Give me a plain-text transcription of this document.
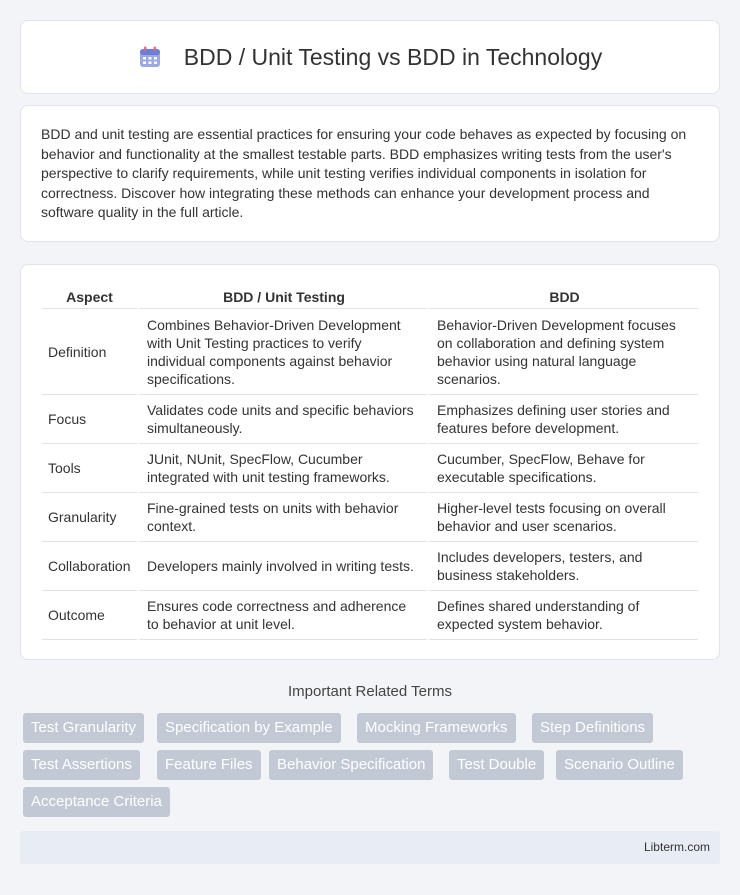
BDD / Unit Testing vs BDD in Technology

BDD and unit testing are essential practices for ensuring your code behaves as expected by focusing on behavior and functionality at the smallest testable parts. BDD emphasizes writing tests from the user's perspective to clarify requirements, while unit testing verifies individual components in isolation for correctness. Discover how integrating these methods can enhance your development process and software quality in the full article.

Aspect	BDD / Unit Testing	BDD
Definition	Combines Behavior-Driven Development with Unit Testing practices to verify individual components against behavior specifications.	Behavior-Driven Development focuses on collaboration and defining system behavior using natural language scenarios.
Focus	Validates code units and specific behaviors simultaneously.	Emphasizes defining user stories and features before development.
Tools	JUnit, NUnit, SpecFlow, Cucumber integrated with unit testing frameworks.	Cucumber, SpecFlow, Behave for executable specifications.
Granularity	Fine-grained tests on units with behavior context.	Higher-level tests focusing on overall behavior and user scenarios.
Collaboration	Developers mainly involved in writing tests.	Includes developers, testers, and business stakeholders.
Outcome	Ensures code correctness and adherence to behavior at unit level.	Defines shared understanding of expected system behavior.
Important Related Terms
Test Granularity	Specification by Example	Mocking Frameworks	Step Definitions
Test Assertions	Feature Files	Behavior Specification	Test Double	Scenario Outline
Acceptance Criteria
Libterm.com
